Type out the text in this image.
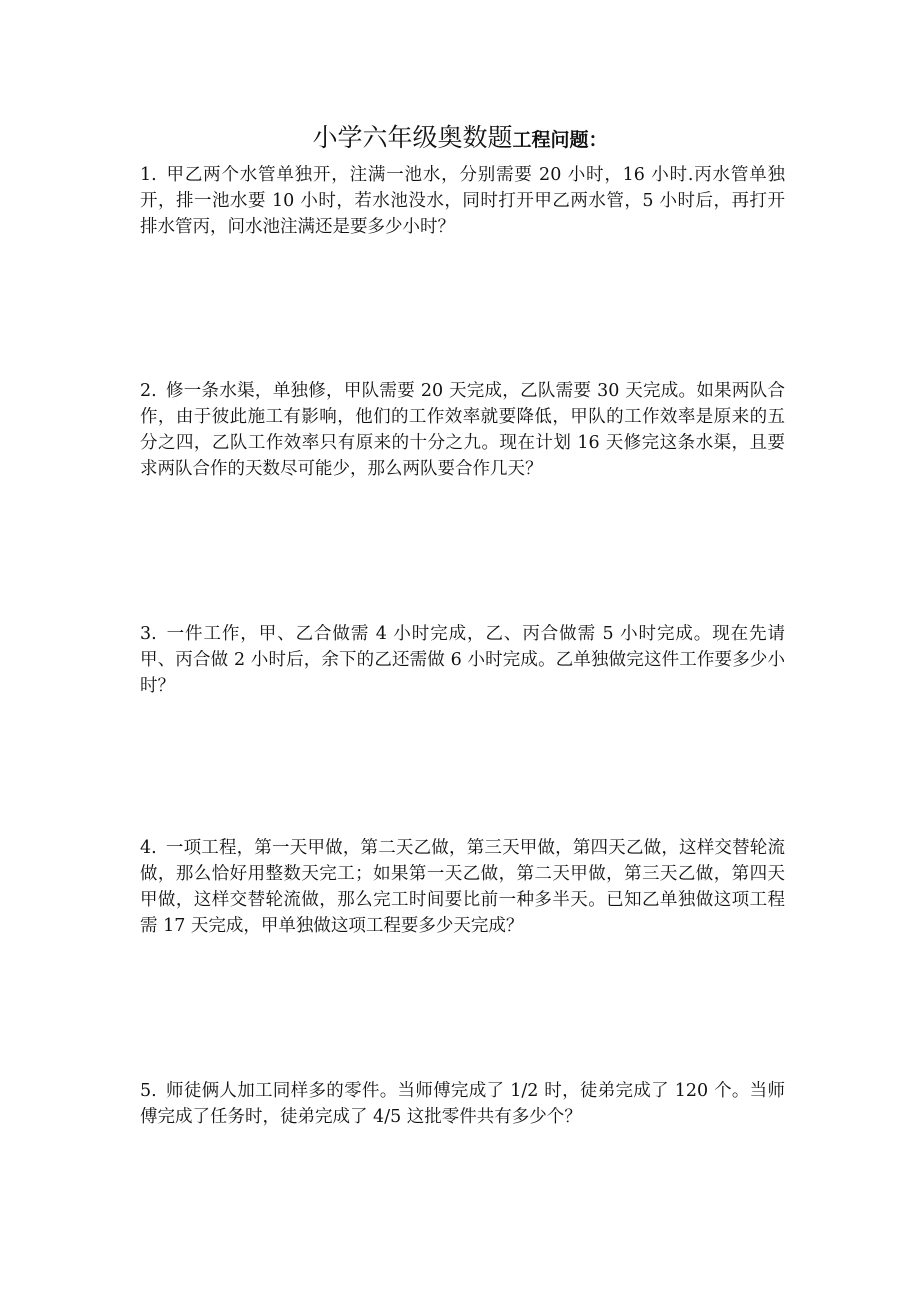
小学六年级奥数题工程问题：
1. 甲乙两个水管单独开，注满一池水，分别需要 20 小时，16 小时.丙水管单独开，排一池水要 10 小时，若水池没水，同时打开甲乙两水管，5 小时后，再打开排水管丙，问水池注满还是要多少小时？
2. 修一条水渠，单独修，甲队需要 20 天完成，乙队需要 30 天完成。如果两队合作，由于彼此施工有影响，他们的工作效率就要降低，甲队的工作效率是原来的五分之四，乙队工作效率只有原来的十分之九。现在计划 16 天修完这条水渠，且要求两队合作的天数尽可能少，那么两队要合作几天？
3. 一件工作，甲、乙合做需 4 小时完成，乙、丙合做需 5 小时完成。现在先请甲、丙合做 2 小时后，余下的乙还需做 6 小时完成。乙单独做完这件工作要多少小时？
4. 一项工程，第一天甲做，第二天乙做，第三天甲做，第四天乙做，这样交替轮流做，那么恰好用整数天完工；如果第一天乙做，第二天甲做，第三天乙做，第四天甲做，这样交替轮流做，那么完工时间要比前一种多半天。已知乙单独做这项工程需 17 天完成，甲单独做这项工程要多少天完成？
5. 师徒俩人加工同样多的零件。当师傅完成了 1/2 时，徒弟完成了 120 个。当师傅完成了任务时，徒弟完成了 4/5 这批零件共有多少个？
